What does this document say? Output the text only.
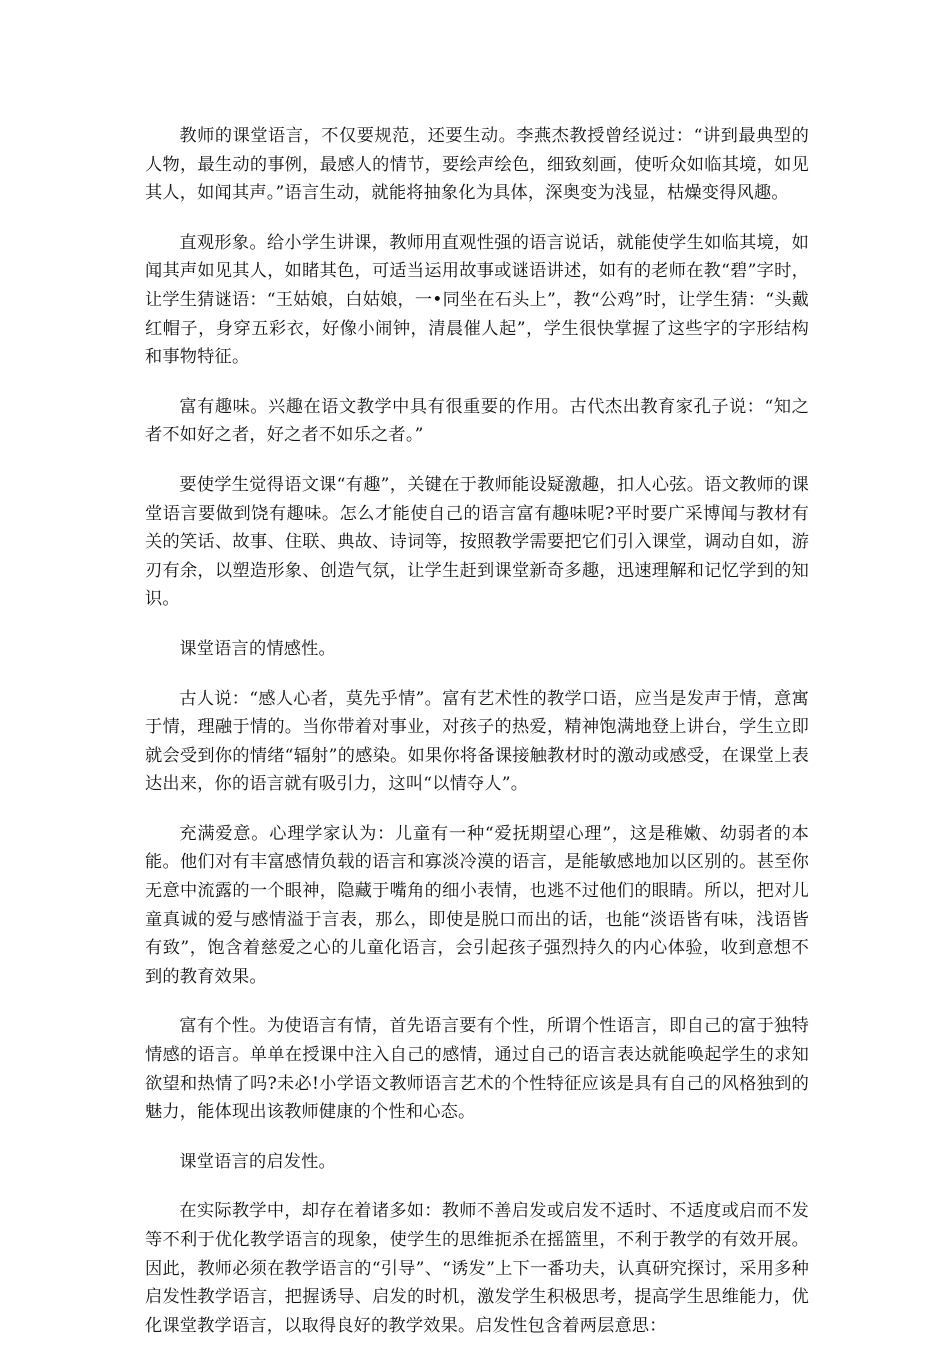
教师的课堂语言，不仅要规范，还要生动。李燕杰教授曾经说过：“讲到最典型的人物，最生动的事例，最感人的情节，要绘声绘色，细致刻画，使听众如临其境，如见其人，如闻其声。”语言生动，就能将抽象化为具体，深奥变为浅显，枯燥变得风趣。

直观形象。给小学生讲课，教师用直观性强的语言说话，就能使学生如临其境，如闻其声如见其人，如睹其色，可适当运用故事或谜语讲述，如有的老师在教“碧”字时，让学生猜谜语：“王姑娘，白姑娘，一•同坐在石头上”，教“公鸡”时，让学生猜：“头戴红帽子，身穿五彩衣，好像小闹钟，清晨催人起”，学生很快掌握了这些字的字形结构和事物特征。

富有趣味。兴趣在语文教学中具有很重要的作用。古代杰出教育家孔子说：“知之者不如好之者，好之者不如乐之者。”

要使学生觉得语文课“有趣”，关键在于教师能设疑激趣，扣人心弦。语文教师的课堂语言要做到饶有趣味。怎么才能使自己的语言富有趣味呢?平时要广采博闻与教材有关的笑话、故事、住联、典故、诗词等，按照教学需要把它们引入课堂，调动自如，游刃有余，以塑造形象、创造气氛，让学生赶到课堂新奇多趣，迅速理解和记忆学到的知识。

课堂语言的情感性。

古人说：“感人心者，莫先乎情”。富有艺术性的教学口语，应当是发声于情，意寓于情，理融于情的。当你带着对事业，对孩子的热爱，精神饱满地登上讲台，学生立即就会受到你的情绪“辐射”的感染。如果你将备课接触教材时的激动或感受，在课堂上表达出来，你的语言就有吸引力，这叫“以情夺人”。

充满爱意。心理学家认为：儿童有一种“爱抚期望心理”，这是稚嫩、幼弱者的本能。他们对有丰富感情负载的语言和寡淡冷漠的语言，是能敏感地加以区别的。甚至你无意中流露的一个眼神，隐藏于嘴角的细小表情，也逃不过他们的眼睛。所以，把对儿童真诚的爱与感情溢于言表，那么，即使是脱口而出的话，也能“淡语皆有味，浅语皆有致”，饱含着慈爱之心的儿童化语言，会引起孩子强烈持久的内心体验，收到意想不到的教育效果。

富有个性。为使语言有情，首先语言要有个性，所谓个性语言，即自己的富于独特情感的语言。单单在授课中注入自己的感情，通过自己的语言表达就能唤起学生的求知欲望和热情了吗?未必!小学语文教师语言艺术的个性特征应该是具有自己的风格独到的魅力，能体现出该教师健康的个性和心态。

课堂语言的启发性。

在实际教学中，却存在着诸多如：教师不善启发或启发不适时、不适度或启而不发等不利于优化教学语言的现象，使学生的思维扼杀在摇篮里，不利于教学的有效开展。因此，教师必须在教学语言的“引导”、“诱发”上下一番功夫，认真研究探讨，采用多种启发性教学语言，把握诱导、启发的时机，激发学生积极思考，提高学生思维能力，优化课堂教学语言，以取得良好的教学效果。启发性包含着两层意思：
